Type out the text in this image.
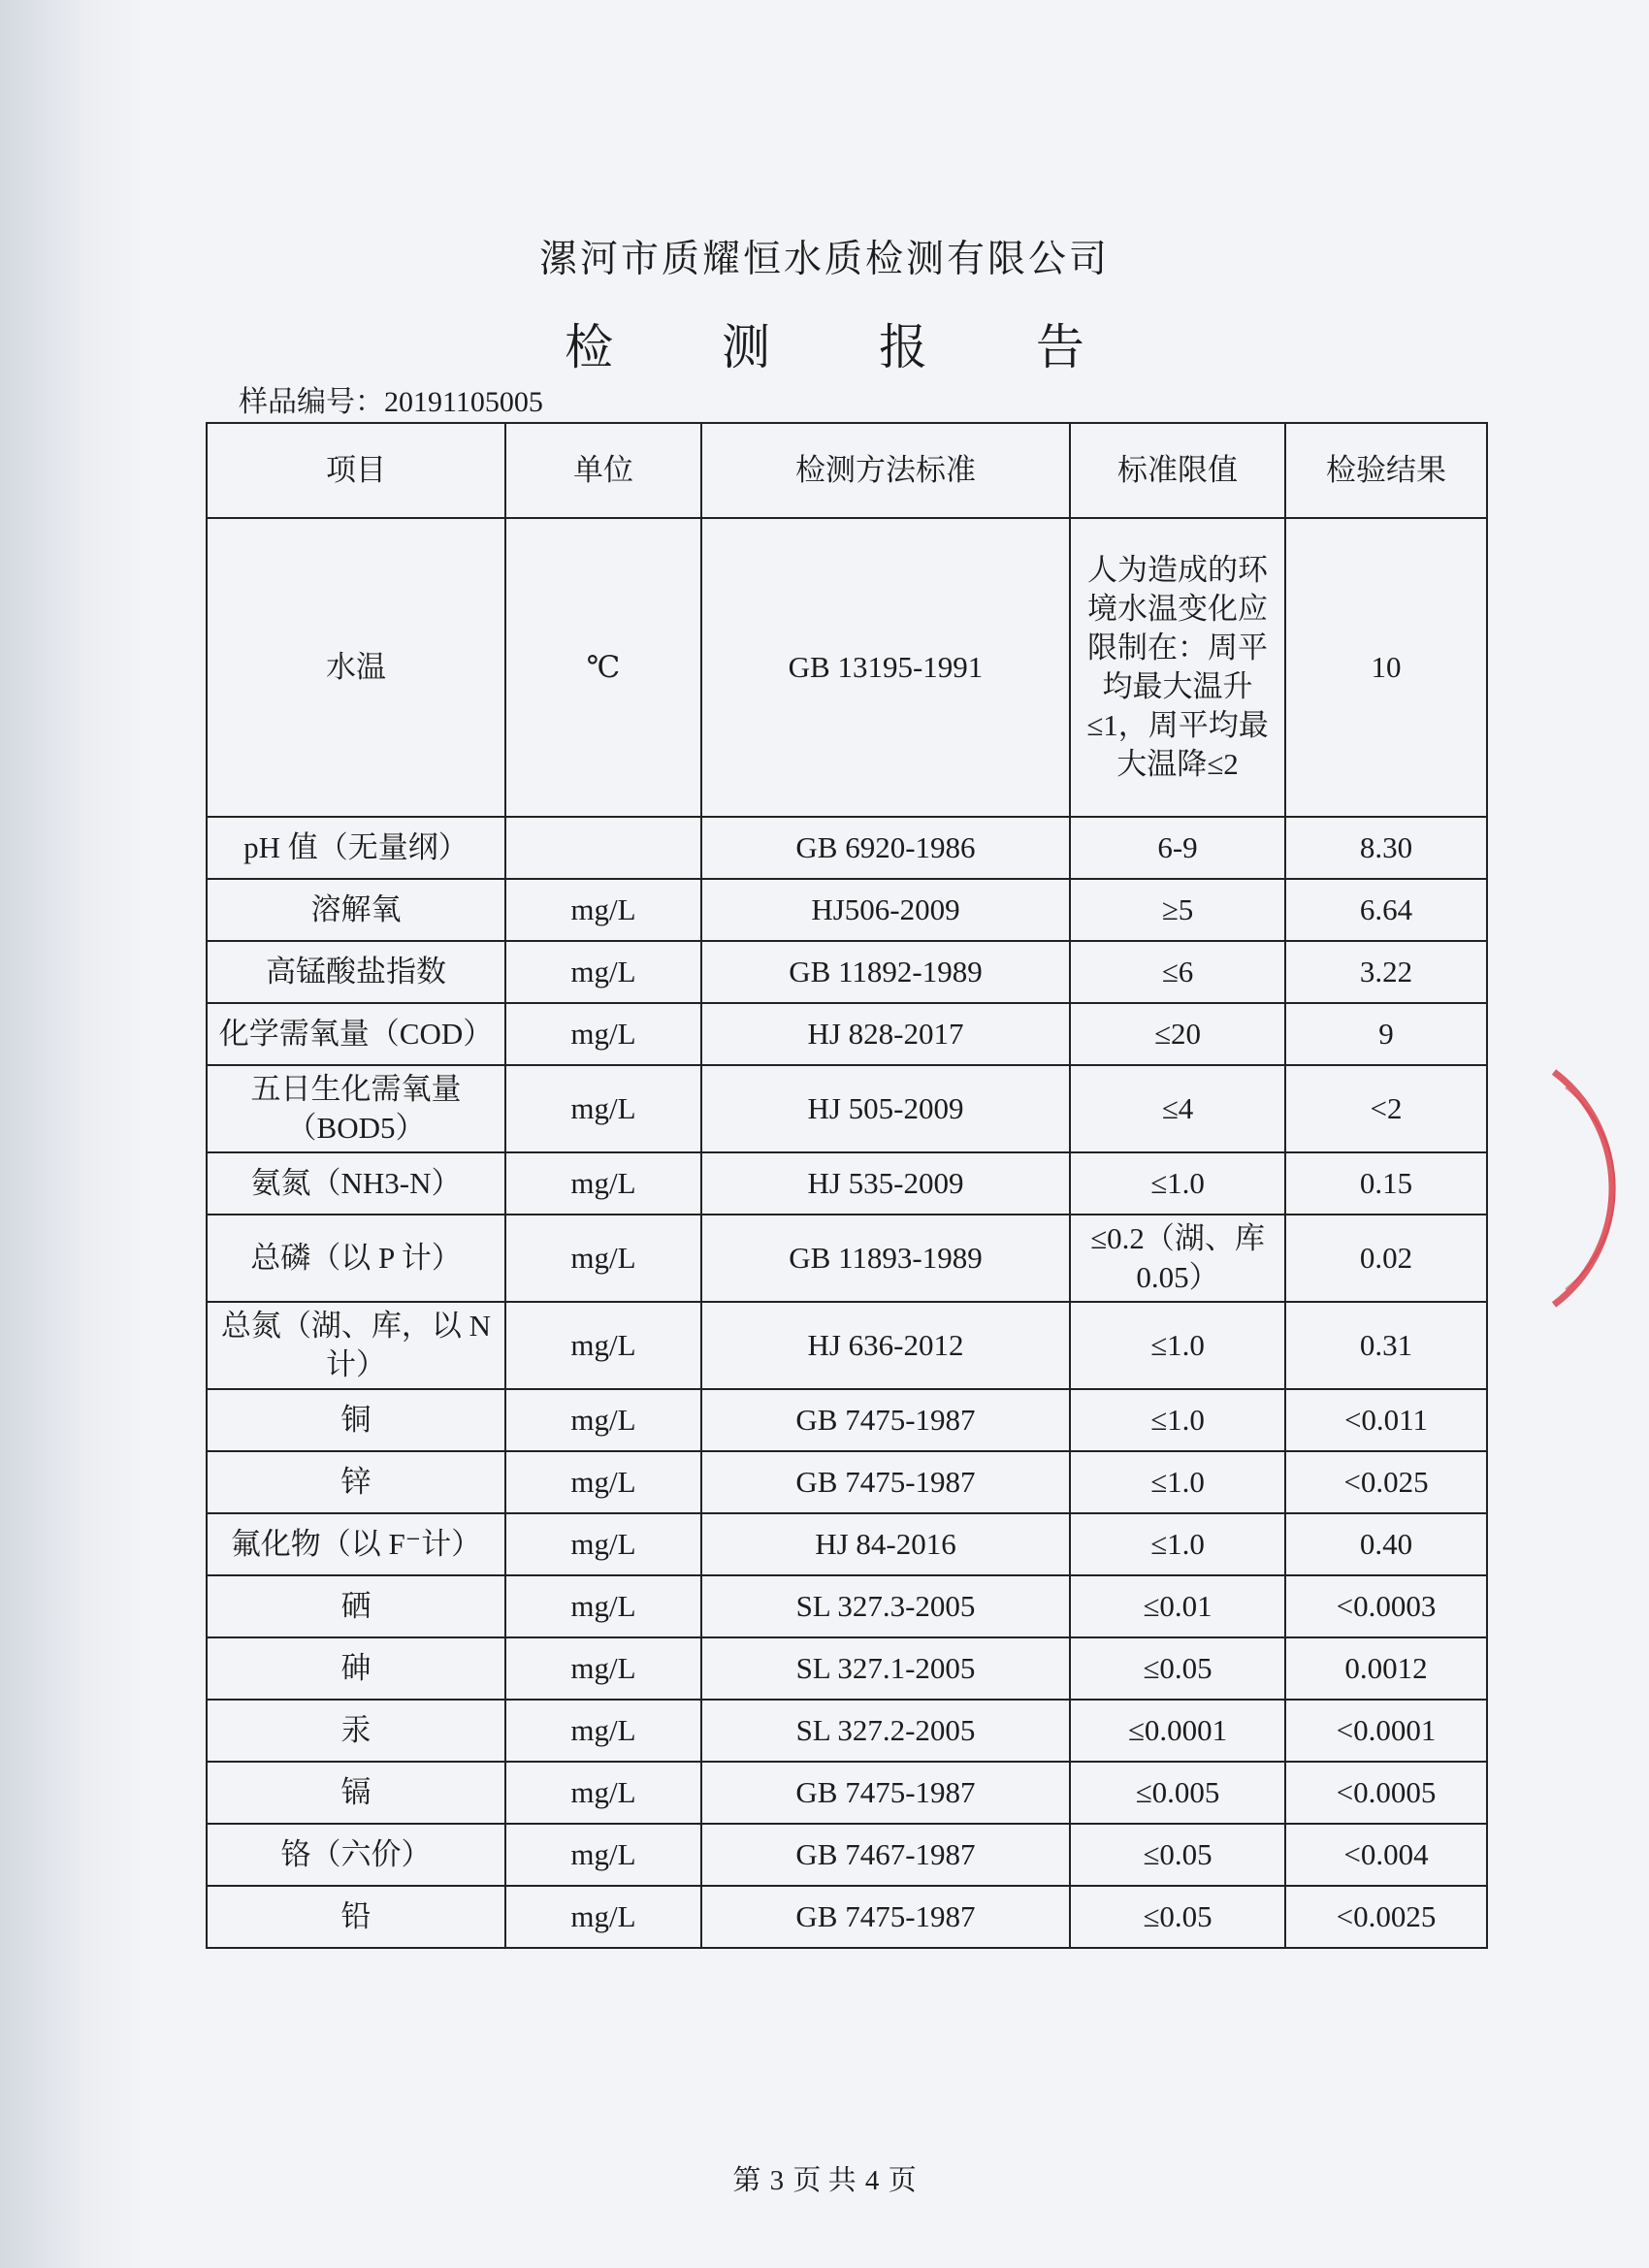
漯河市质耀恒水质检测有限公司
检 测 报 告
样品编号：20191105005
项目	单位	检测方法标准	标准限值	检验结果
水温	℃	GB 13195-1991	人为造成的环境水温变化应限制在：周平均最大温升≤1，周平均最大温降≤2	10
pH 值（无量纲）		GB 6920-1986	6-9	8.30
溶解氧	mg/L	HJ506-2009	≥5	6.64
高锰酸盐指数	mg/L	GB 11892-1989	≤6	3.22
化学需氧量（COD）	mg/L	HJ 828-2017	≤20	9
五日生化需氧量（BOD5）	mg/L	HJ 505-2009	≤4	<2
氨氮（NH3-N）	mg/L	HJ 535-2009	≤1.0	0.15
总磷（以 P 计）	mg/L	GB 11893-1989	≤0.2（湖、库 0.05）	0.02
总氮（湖、库，以 N 计）	mg/L	HJ 636-2012	≤1.0	0.31
铜	mg/L	GB 7475-1987	≤1.0	<0.011
锌	mg/L	GB 7475-1987	≤1.0	<0.025
氟化物（以 F⁻计）	mg/L	HJ 84-2016	≤1.0	0.40
硒	mg/L	SL 327.3-2005	≤0.01	<0.0003
砷	mg/L	SL 327.1-2005	≤0.05	0.0012
汞	mg/L	SL 327.2-2005	≤0.0001	<0.0001
镉	mg/L	GB 7475-1987	≤0.005	<0.0005
铬（六价）	mg/L	GB 7467-1987	≤0.05	<0.004
铅	mg/L	GB 7475-1987	≤0.05	<0.0025
第 3 页 共 4 页
